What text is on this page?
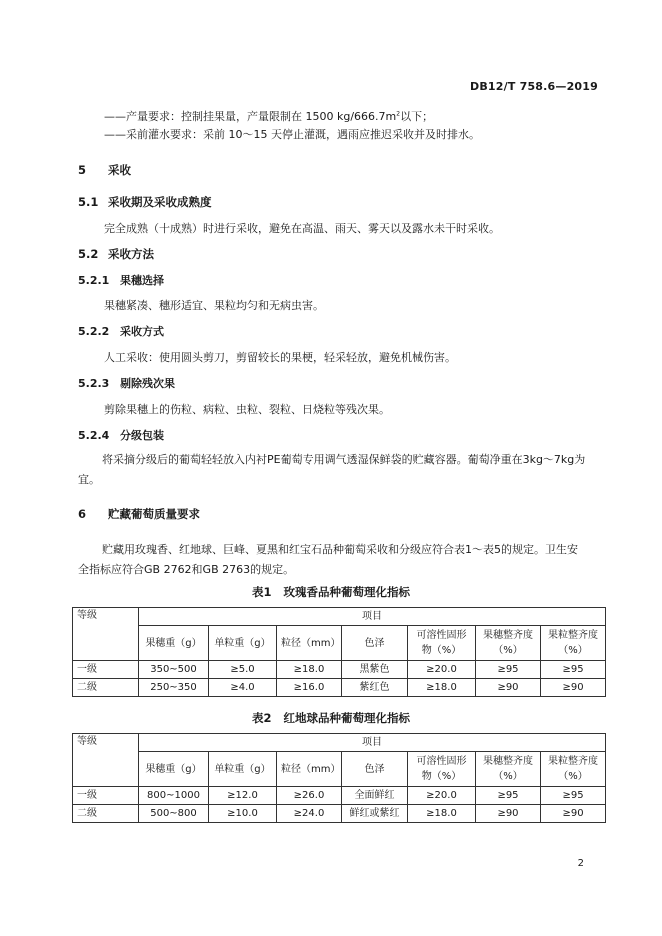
DB12/T 758.6—2019
——产量要求：控制挂果量，产量限制在 1500 $kg/666.7m^2$以下；
——采前灌水要求：采前 10～15 天停止灌溉，遇雨应推迟采收并及时排水。
5 采收
5.1 采收期及采收成熟度
完全成熟（十成熟）时进行采收，避免在高温、雨天、雾天以及露水未干时采收。
5.2 采收方法
5.2.1 果穗选择
果穗紧凑、穗形适宜、果粒均匀和无病虫害。
5.2.2 采收方式
人工采收：使用圆头剪刀，剪留较长的果梗，轻采轻放，避免机械伤害。
5.2.3 剔除残次果
剪除果穗上的伤粒、病粒、虫粒、裂粒、日烧粒等残次果。
5.2.4 分级包装
将采摘分级后的葡萄轻轻放入内衬PE葡萄专用调气透湿保鲜袋的贮藏容器。葡萄净重在3kg～7kg为宜。
6 贮藏葡萄质量要求
贮藏用玫瑰香、红地球、巨峰、夏黑和红宝石品种葡萄采收和分级应符合表1～表5的规定。卫生安全指标应符合GB 2762和GB 2763的规定。
表1 玫瑰香品种葡萄理化指标
等级	项目						
	果穗重（g）	单粒重（g）	粒径（mm）	色泽	可溶性固形物（%）	果穗整齐度（%）	果粒整齐度（%）
一级	350~500	≥5.0	≥18.0	黑紫色	≥20.0	≥95	≥95
二级	250~350	≥4.0	≥16.0	紫红色	≥18.0	≥90	≥90
表2 红地球品种葡萄理化指标
等级	项目						
	果穗重（g）	单粒重（g）	粒径（mm）	色泽	可溶性固形物（%）	果穗整齐度（%）	果粒整齐度（%）
一级	800~1000	≥12.0	≥26.0	全面鲜红	≥20.0	≥95	≥95
二级	500~800	≥10.0	≥24.0	鲜红或紫红	≥18.0	≥90	≥90
2
